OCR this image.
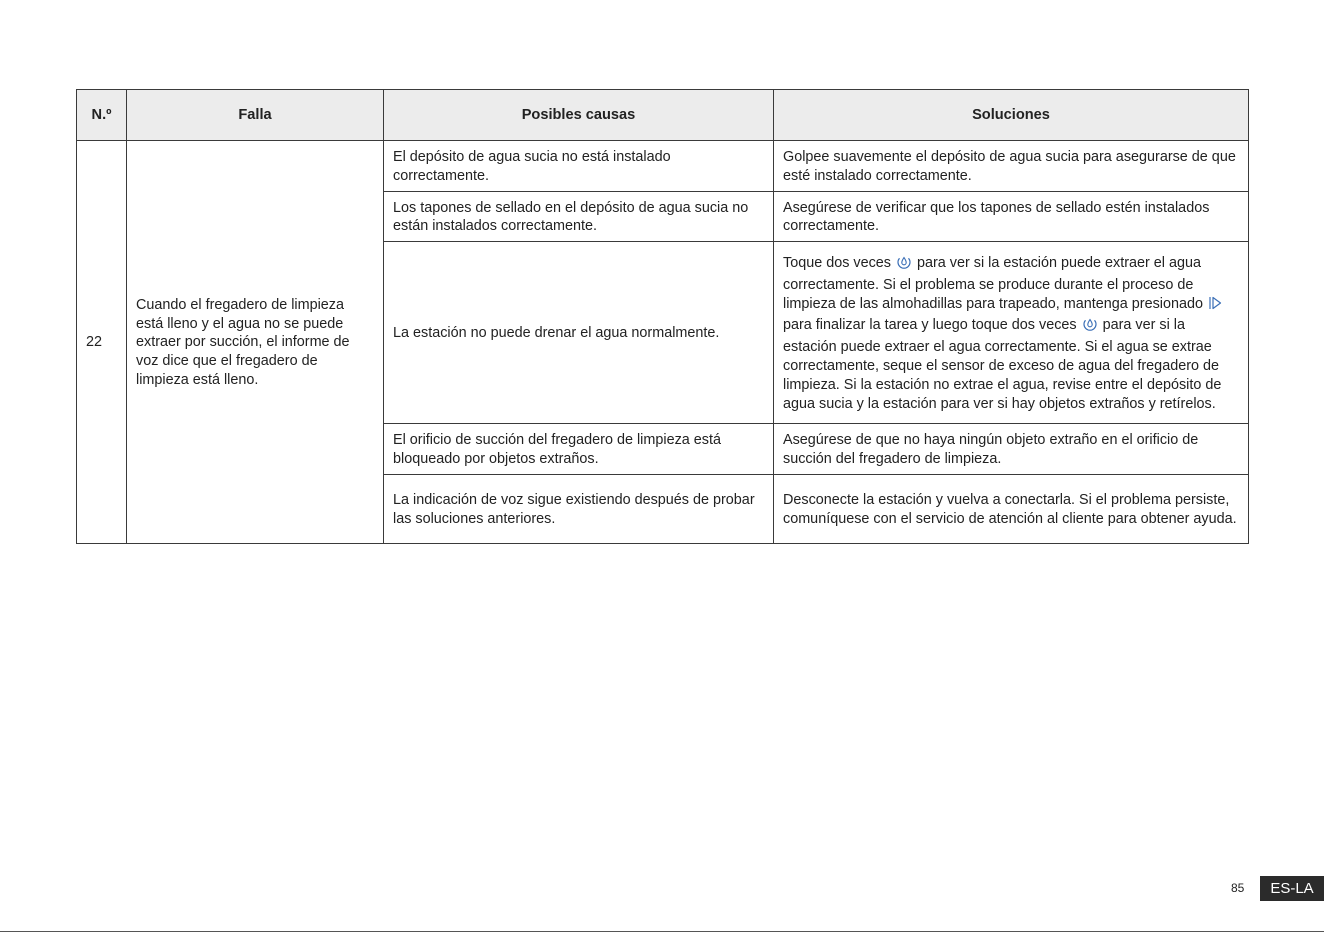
N.º	Falla	Posibles causas	Soluciones
22	Cuando el fregadero de limpieza está lleno y el agua no se puede extraer por succión, el informe de voz dice que el fregadero de limpieza está lleno.	El depósito de agua sucia no está instalado correctamente.	Golpee suavemente el depósito de agua sucia para asegurarse de que esté instalado correctamente.
		Los tapones de sellado en el depósito de agua sucia no están instalados correctamente.	Asegúrese de verificar que los tapones de sellado estén instalados correctamente.
		La estación no puede drenar el agua normalmente.	Toque dos veces para ver si la estación puede extraer el agua correctamente. Si el problema se produce durante el proceso de limpieza de las almohadillas para trapeado, mantenga presionado  para finalizar la tarea y luego toque dos veces para ver si la estación puede extraer el agua correctamente. Si el agua se extrae correctamente, seque el sensor de exceso de agua del fregadero de limpieza. Si la estación no extrae el agua, revise entre el depósito de agua sucia y la estación para ver si hay objetos extraños y retírelos.
		El orificio de succión del fregadero de limpieza está bloqueado por objetos extraños.	Asegúrese de que no haya ningún objeto extraño en el orificio de succión del fregadero de limpieza.
		La indicación de voz sigue existiendo después de probar las soluciones anteriores.	Desconecte la estación y vuelva a conectarla. Si el problema persiste, comuníquese con el servicio de atención al cliente para obtener ayuda.
85	ES-LA
